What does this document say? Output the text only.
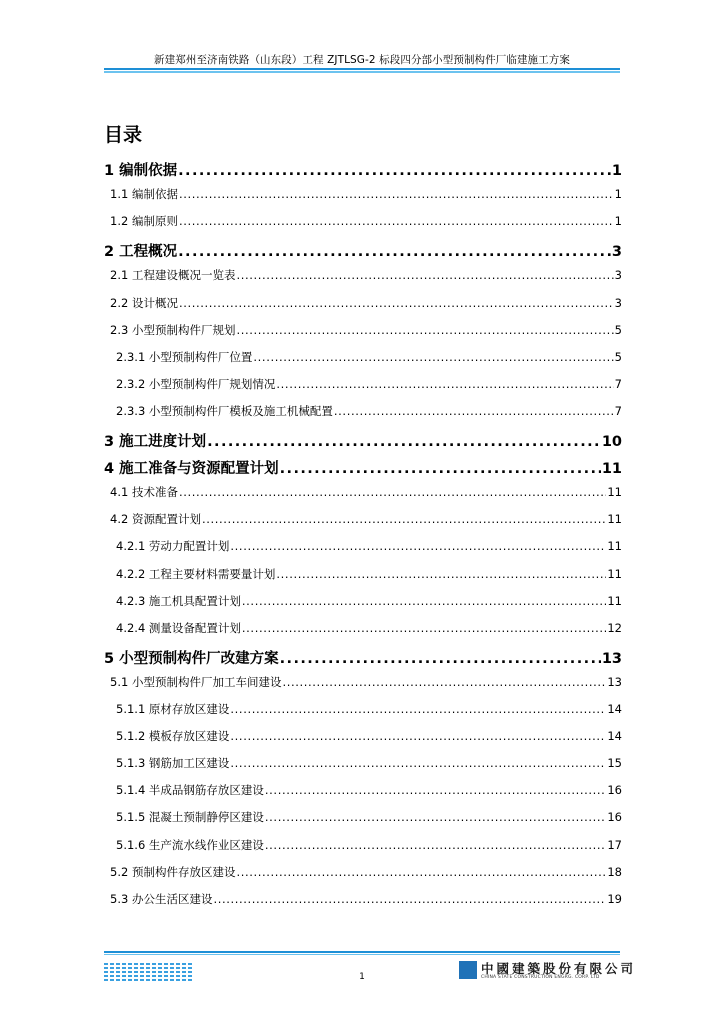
新建郑州至济南铁路（山东段）工程 ZJTLSG-2 标段四分部小型预制构件厂临建施工方案
目录
1 编制依据 .....	1
1.1 编制依据 .....	1
1.2 编制原则 .....	1
2 工程概况 .....	3
2.1 工程建设概况一览表 .....	3
2.2 设计概况 .....	3
2.3 小型预制构件厂规划 .....	5
2.3.1 小型预制构件厂位置 .....	5
2.3.2 小型预制构件厂规划情况 .....	7
2.3.3 小型预制构件厂模板及施工机械配置 .....	7
3 施工进度计划 .....	10
4 施工准备与资源配置计划 .....	11
4.1 技术准备 .....	11
4.2 资源配置计划 .....	11
4.2.1 劳动力配置计划 .....	11
4.2.2 工程主要材料需要量计划 .....	11
4.2.3 施工机具配置计划 .....	11
4.2.4 测量设备配置计划 .....	12
5 小型预制构件厂改建方案 .....	13
5.1 小型预制构件厂加工车间建设 .....	13
5.1.1 原材存放区建设 .....	14
5.1.2 模板存放区建设 .....	14
5.1.3 钢筋加工区建设 .....	15
5.1.4 半成品钢筋存放区建设 .....	16
5.1.5 混凝土预制静停区建设 .....	16
5.1.6 生产流水线作业区建设 .....	17
5.2 预制构件存放区建设 .....	18
5.3 办公生活区建设 .....	19
1
中國建築股份有限公司
CHINA STATE CONSTRUCTION ENGRG. CORP. LTD
